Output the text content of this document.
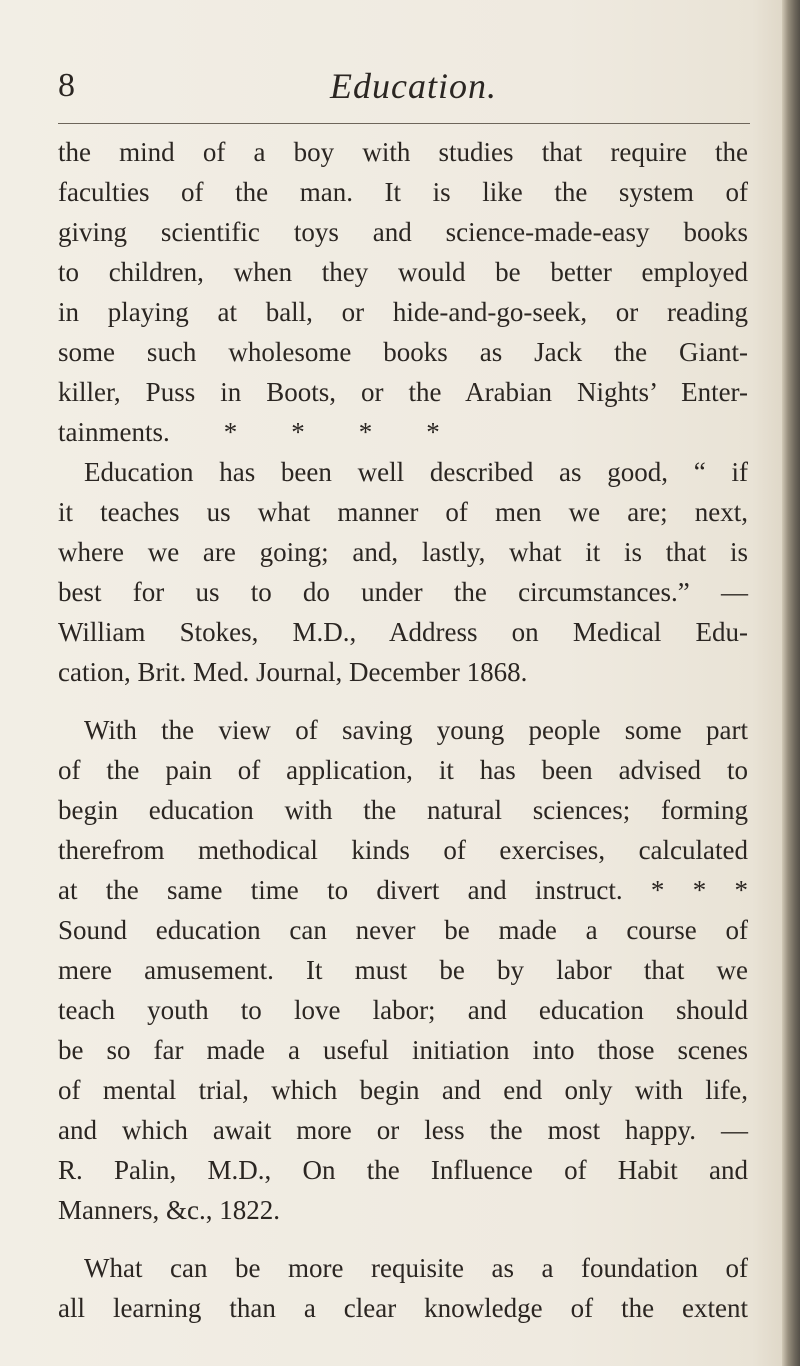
8	Education.
the mind of a boy with studies that require the
faculties of the man. It is like the system of
giving scientific toys and science-made-easy books
to children, when they would be better employed
in playing at ball, or hide-and-go-seek, or reading
some such wholesome books as Jack the Giant-
killer, Puss in Boots, or the Arabian Nights’ Enter-
tainments.        *        *        *        *
Education has been well described as good, “ if
it teaches us what manner of men we are; next,
where we are going; and, lastly, what it is that is
best for us to do under the circumstances.” —
William Stokes, M.D., Address on Medical Edu-
cation, Brit. Med. Journal, December 1868.
With the view of saving young people some part
of the pain of application, it has been advised to
begin education with the natural sciences; forming
therefrom methodical kinds of exercises, calculated
at the same time to divert and instruct. * * *
Sound education can never be made a course of
mere amusement. It must be by labor that we
teach youth to love labor; and education should
be so far made a useful initiation into those scenes
of mental trial, which begin and end only with life,
and which await more or less the most happy. —
R. Palin, M.D., On the Influence of Habit and
Manners, &c., 1822.
What can be more requisite as a foundation of
all learning than a clear knowledge of the extent
